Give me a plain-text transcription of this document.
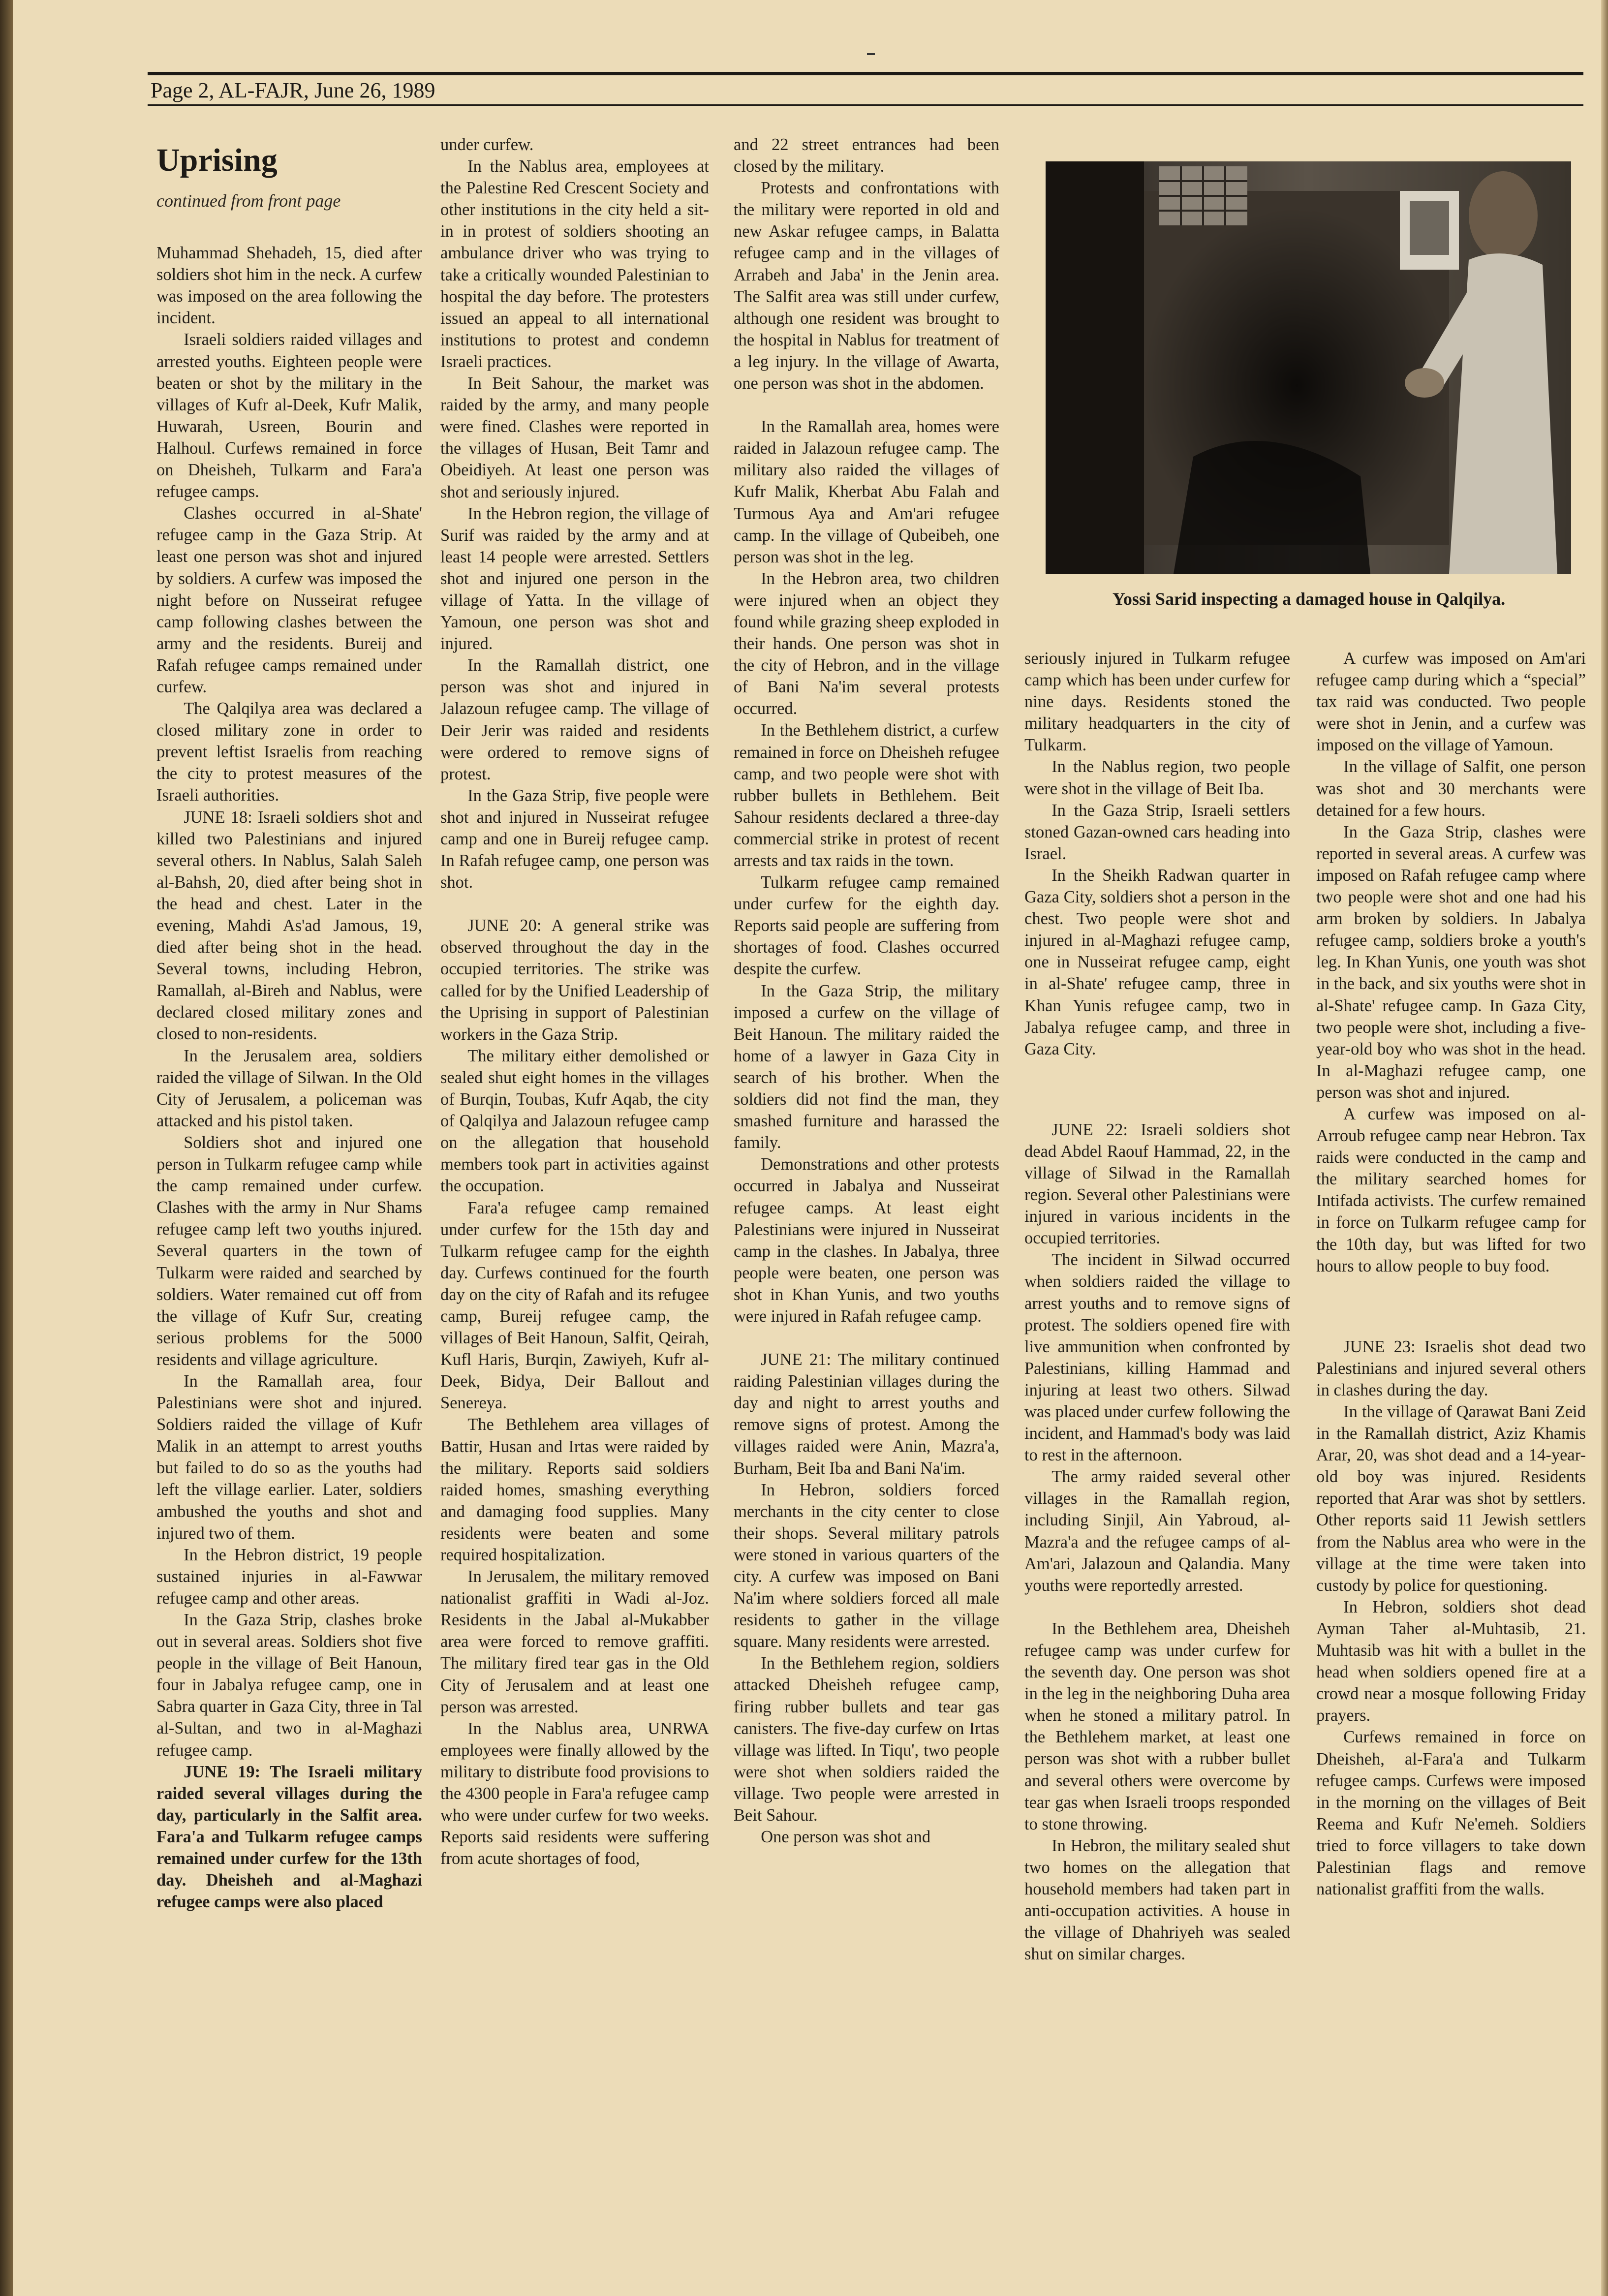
Page 2, AL-FAJR, June 26, 1989
Uprising
continued from front page

Muhammad Shehadeh, 15, died after soldiers shot him in the neck. A curfew was imposed on the area following the incident.

Israeli soldiers raided villages and arrested youths. Eighteen people were beaten or shot by the military in the villages of Kufr al-Deek, Kufr Malik, Huwarah, Usreen, Bourin and Halhoul. Curfews remained in force on Dheisheh, Tulkarm and Fara'a refugee camps.

Clashes occurred in al-Shate' refugee camp in the Gaza Strip. At least one person was shot and injured by soldiers. A curfew was imposed the night before on Nusseirat refugee camp following clashes between the army and the residents. Bureij and Rafah refugee camps remained under curfew.

The Qalqilya area was declared a closed military zone in order to prevent leftist Israelis from reaching the city to protest measures of the Israeli authorities.

JUNE 18: Israeli soldiers shot and killed two Palestinians and injured several others. In Nablus, Salah Saleh al-Bahsh, 20, died after being shot in the head and chest. Later in the evening, Mahdi As'ad Jamous, 19, died after being shot in the head. Several towns, including Hebron, Ramallah, al-Bireh and Nablus, were declared closed military zones and closed to non-residents.

In the Jerusalem area, soldiers raided the village of Silwan. In the Old City of Jerusalem, a policeman was attacked and his pistol taken.

Soldiers shot and injured one person in Tulkarm refugee camp while the camp remained under curfew. Clashes with the army in Nur Shams refugee camp left two youths injured. Several quarters in the town of Tulkarm were raided and searched by soldiers. Water remained cut off from the village of Kufr Sur, creating serious problems for the 5000 residents and village agriculture.

In the Ramallah area, four Palestinians were shot and injured. Soldiers raided the village of Kufr Malik in an attempt to arrest youths but failed to do so as the youths had left the village earlier. Later, soldiers ambushed the youths and shot and injured two of them.

In the Hebron district, 19 people sustained injuries in al-Fawwar refugee camp and other areas.

In the Gaza Strip, clashes broke out in several areas. Soldiers shot five people in the village of Beit Hanoun, four in Jabalya refugee camp, one in Sabra quarter in Gaza City, three in Tal al-Sultan, and two in al-Maghazi refugee camp.

JUNE 19: The Israeli military raided several villages during the day, particularly in the Salfit area. Fara'a and Tulkarm refugee camps remained under curfew for the 13th day. Dheisheh and al-Maghazi refugee camps were also placed

under curfew.

In the Nablus area, employees at the Palestine Red Crescent Society and other institutions in the city held a sit-in in protest of soldiers shooting an ambulance driver who was trying to take a critically wounded Palestinian to hospital the day before. The protesters issued an appeal to all international institutions to protest and condemn Israeli practices.

In Beit Sahour, the market was raided by the army, and many people were fined. Clashes were reported in the villages of Husan, Beit Tamr and Obeidiyeh. At least one person was shot and seriously injured.

In the Hebron region, the village of Surif was raided by the army and at least 14 people were arrested. Settlers shot and injured one person in the village of Yatta. In the village of Yamoun, one person was shot and injured.

In the Ramallah district, one person was shot and injured in Jalazoun refugee camp. The village of Deir Jerir was raided and residents were ordered to remove signs of protest.

In the Gaza Strip, five people were shot and injured in Nusseirat refugee camp and one in Bureij refugee camp. In Rafah refugee camp, one person was shot.

JUNE 20: A general strike was observed throughout the day in the occupied territories. The strike was called for by the Unified Leadership of the Uprising in support of Palestinian workers in the Gaza Strip.

The military either demolished or sealed shut eight homes in the villages of Burqin, Toubas, Kufr Aqab, the city of Qalqilya and Jalazoun refugee camp on the allegation that household members took part in activities against the occupation.

Fara'a refugee camp remained under curfew for the 15th day and Tulkarm refugee camp for the eighth day. Curfews continued for the fourth day on the city of Rafah and its refugee camp, Bureij refugee camp, the villages of Beit Hanoun, Salfit, Qeirah, Kufl Haris, Burqin, Zawiyeh, Kufr al-Deek, Bidya, Deir Ballout and Senereya.

The Bethlehem area villages of Battir, Husan and Irtas were raided by the military. Reports said soldiers raided homes, smashing everything and damaging food supplies. Many residents were beaten and some required hospitalization.

In Jerusalem, the military removed nationalist graffiti in Wadi al-Joz. Residents in the Jabal al-Mukabber area were forced to remove graffiti. The military fired tear gas in the Old City of Jerusalem and at least one person was arrested.

In the Nablus area, UNRWA employees were finally allowed by the military to distribute food provisions to the 4300 people in Fara'a refugee camp who were under curfew for two weeks. Reports said residents were suffering from acute shortages of food,

and 22 street entrances had been closed by the military.

Protests and confrontations with the military were reported in old and new Askar refugee camps, in Balatta refugee camp and in the villages of Arrabeh and Jaba' in the Jenin area. The Salfit area was still under curfew, although one resident was brought to the hospital in Nablus for treatment of a leg injury. In the village of Awarta, one person was shot in the abdomen.

In the Ramallah area, homes were raided in Jalazoun refugee camp. The military also raided the villages of Kufr Malik, Kherbat Abu Falah and Turmous Aya and Am'ari refugee camp. In the village of Qubeibeh, one person was shot in the leg.

In the Hebron area, two children were injured when an object they found while grazing sheep exploded in their hands. One person was shot in the city of Hebron, and in the village of Bani Na'im several protests occurred.

In the Bethlehem district, a curfew remained in force on Dheisheh refugee camp, and two people were shot with rubber bullets in Bethlehem. Beit Sahour residents declared a three-day commercial strike in protest of recent arrests and tax raids in the town.

Tulkarm refugee camp remained under curfew for the eighth day. Reports said people are suffering from shortages of food. Clashes occurred despite the curfew.

In the Gaza Strip, the military imposed a curfew on the village of Beit Hanoun. The military raided the home of a lawyer in Gaza City in search of his brother. When the soldiers did not find the man, they smashed furniture and harassed the family.

Demonstrations and other protests occurred in Jabalya and Nusseirat refugee camps. At least eight Palestinians were injured in Nusseirat camp in the clashes. In Jabalya, three people were beaten, one person was shot in Khan Yunis, and two youths were injured in Rafah refugee camp.

JUNE 21: The military continued raiding Palestinian villages during the day and night to arrest youths and remove signs of protest. Among the villages raided were Anin, Mazra'a, Burham, Beit Iba and Bani Na'im.

In Hebron, soldiers forced merchants in the city center to close their shops. Several military patrols were stoned in various quarters of the city. A curfew was imposed on Bani Na'im where soldiers forced all male residents to gather in the village square. Many residents were arrested.

In the Bethlehem region, soldiers attacked Dheisheh refugee camp, firing rubber bullets and tear gas canisters. The five-day curfew on Irtas village was lifted. In Tiqu', two people were shot when soldiers raided the village. Two people were arrested in Beit Sahour.

One person was shot and

Yossi Sarid inspecting a damaged house in Qalqilya.

seriously injured in Tulkarm refugee camp which has been under curfew for nine days. Residents stoned the military headquarters in the city of Tulkarm.

In the Nablus region, two people were shot in the village of Beit Iba.

In the Gaza Strip, Israeli settlers stoned Gazan-owned cars heading into Israel.

In the Sheikh Radwan quarter in Gaza City, soldiers shot a person in the chest. Two people were shot and injured in al-Maghazi refugee camp, one in Nusseirat refugee camp, eight in al-Shate' refugee camp, three in Khan Yunis refugee camp, two in Jabalya refugee camp, and three in Gaza City.

JUNE 22: Israeli soldiers shot dead Abdel Raouf Hammad, 22, in the village of Silwad in the Ramallah region. Several other Palestinians were injured in various incidents in the occupied territories.

The incident in Silwad occurred when soldiers raided the village to arrest youths and to remove signs of protest. The soldiers opened fire with live ammunition when confronted by Palestinians, killing Hammad and injuring at least two others. Silwad was placed under curfew following the incident, and Hammad's body was laid to rest in the afternoon.

The army raided several other villages in the Ramallah region, including Sinjil, Ain Yabroud, al-Mazra'a and the refugee camps of al-Am'ari, Jalazoun and Qalandia. Many youths were reportedly arrested.

In the Bethlehem area, Dheisheh refugee camp was under curfew for the seventh day. One person was shot in the leg in the neighboring Duha area when he stoned a military patrol. In the Bethlehem market, at least one person was shot with a rubber bullet and several others were overcome by tear gas when Israeli troops responded to stone throwing.

In Hebron, the military sealed shut two homes on the allegation that household members had taken part in anti-occupation activities. A house in the village of Dhahriyeh was sealed shut on similar charges.

A curfew was imposed on Am'ari refugee camp during which a “special” tax raid was conducted. Two people were shot in Jenin, and a curfew was imposed on the village of Yamoun.

In the village of Salfit, one person was shot and 30 merchants were detained for a few hours.

In the Gaza Strip, clashes were reported in several areas. A curfew was imposed on Rafah refugee camp where two people were shot and one had his arm broken by soldiers. In Jabalya refugee camp, soldiers broke a youth's leg. In Khan Yunis, one youth was shot in the back, and six youths were shot in al-Shate' refugee camp. In Gaza City, two people were shot, including a five-year-old boy who was shot in the head. In al-Maghazi refugee camp, one person was shot and injured.

A curfew was imposed on al-Arroub refugee camp near Hebron. Tax raids were conducted in the camp and the military searched homes for Intifada activists. The curfew remained in force on Tulkarm refugee camp for the 10th day, but was lifted for two hours to allow people to buy food.

JUNE 23: Israelis shot dead two Palestinians and injured several others in clashes during the day.

In the village of Qarawat Bani Zeid in the Ramallah district, Aziz Khamis Arar, 20, was shot dead and a 14-year-old boy was injured. Residents reported that Arar was shot by settlers. Other reports said 11 Jewish settlers from the Nablus area who were in the village at the time were taken into custody by police for questioning.

In Hebron, soldiers shot dead Ayman Taher al-Muhtasib, 21. Muhtasib was hit with a bullet in the head when soldiers opened fire at a crowd near a mosque following Friday prayers.

Curfews remained in force on Dheisheh, al-Fara'a and Tulkarm refugee camps. Curfews were imposed in the morning on the villages of Beit Reema and Kufr Ne'emeh. Soldiers tried to force villagers to take down Palestinian flags and remove nationalist graffiti from the walls.
